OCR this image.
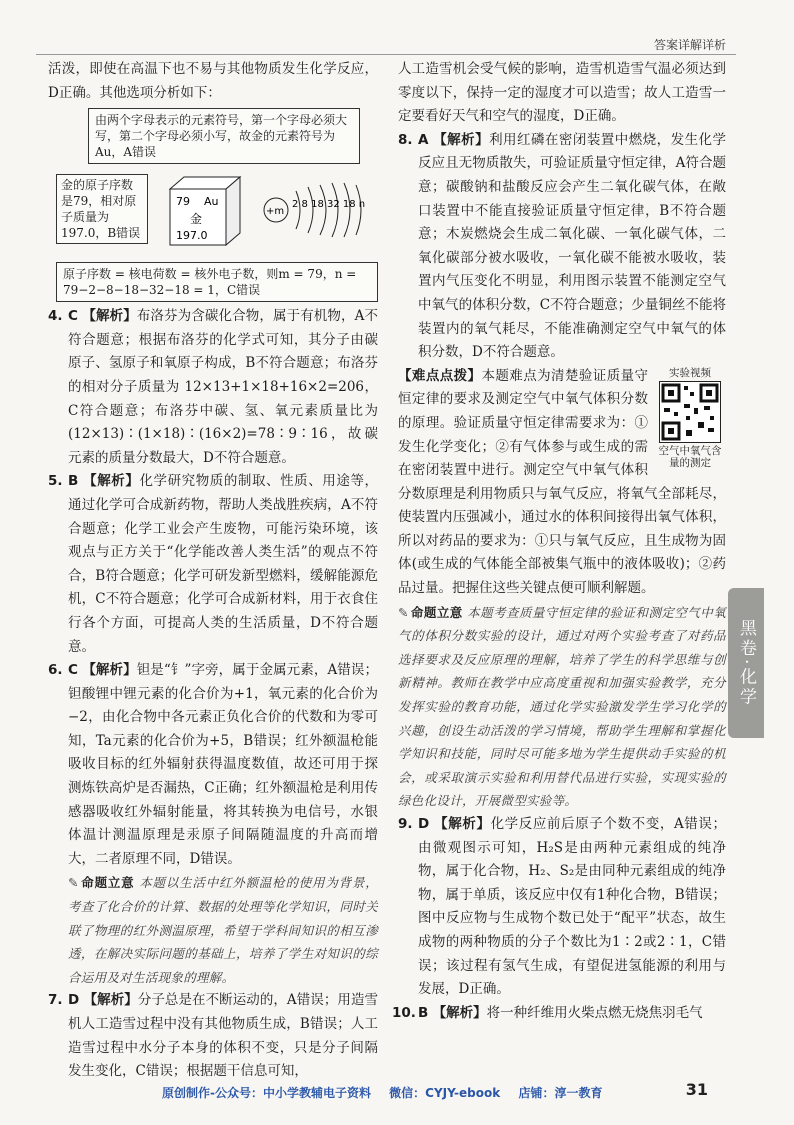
答案详解详析

活泼，即使在高温下也不易与其他物质发生化学反应，D正确。其他选项分析如下：

由两个字母表示的元素符号，第一个字母必须大写，第二个字母必须小写，故金的元素符号为Au，A错误
金的原子序数是79，相对原子质量为197.0，B错误
79 Au
金
197.0
+m
2 8 18 32 18 n
原子序数 = 核电荷数 = 核外电子数，则m = 79，n = 79−2−8−18−32−18 = 1，C错误

4. C 【解析】布洛芬为含碳化合物，属于有机物，A不符合题意；根据布洛芬的化学式可知，其分子由碳原子、氢原子和氧原子构成，B不符合题意；布洛芬的相对分子质量为 12×13+1×18+16×2=206，C符合题意；布洛芬中碳、氢、氧元素质量比为(12×13)∶(1×18)∶(16×2)=78∶9∶16，故碳元素的质量分数最大，D不符合题意。

5. B 【解析】化学研究物质的制取、性质、用途等，通过化学可合成新药物，帮助人类战胜疾病，A不符合题意；化学工业会产生废物，可能污染环境，该观点与正方关于“化学能改善人类生活”的观点不符合，B符合题意；化学可研发新型燃料，缓解能源危机，C不符合题意；化学可合成新材料，用于衣食住行各个方面，可提高人类的生活质量，D不符合题意。

6. C 【解析】钽是“钅”字旁，属于金属元素，A错误；钽酸锂中锂元素的化合价为+1，氧元素的化合价为−2，由化合物中各元素正负化合价的代数和为零可知，Ta元素的化合价为+5，B错误；红外额温枪能吸收目标的红外辐射获得温度数值，故还可用于探测炼铁高炉是否漏热，C正确；红外额温枪是利用传感器吸收红外辐射能量，将其转换为电信号，水银体温计测温原理是汞原子间隔随温度的升高而增大，二者原理不同，D错误。

✎ 命题立意 本题以生活中红外额温枪的使用为背景，考查了化合价的计算、数据的处理等化学知识，同时关联了物理的红外测温原理，希望于学科间知识的相互渗透，在解决实际问题的基础上，培养了学生对知识的综合运用及对生活现象的理解。

7. D 【解析】分子总是在不断运动的，A错误；用造雪机人工造雪过程中没有其他物质生成，B错误；人工造雪过程中水分子本身的体积不变，只是分子间隔发生变化，C错误；根据题干信息可知，

人工造雪机会受气候的影响，造雪机造雪气温必须达到零度以下，保持一定的湿度才可以造雪；故人工造雪一定要看好天气和空气的湿度，D正确。

8. A 【解析】利用红磷在密闭装置中燃烧，发生化学反应且无物质散失，可验证质量守恒定律，A符合题意；碳酸钠和盐酸反应会产生二氧化碳气体，在敞口装置中不能直接验证质量守恒定律，B不符合题意；木炭燃烧会生成二氧化碳、一氧化碳气体，二氧化碳部分被水吸收，一氧化碳不能被水吸收，装置内气压变化不明显，利用图示装置不能测定空气中氧气的体积分数，C不符合题意；少量铜丝不能将装置内的氧气耗尽，不能准确测定空气中氧气的体积分数，D不符合题意。

实验视频
空气中氧气含量的测定

【难点点拨】本题难点为清楚验证质量守恒定律的要求及测定空气中氧气体积分数的原理。验证质量守恒定律需要求为：①发生化学变化；②有气体参与或生成的需在密闭装置中进行。测定空气中氧气体积分数原理是利用物质只与氧气反应，将氧气全部耗尽，使装置内压强减小，通过水的体积间接得出氧气体积，所以对药品的要求为：①只与氧气反应，且生成物为固体(或生成的气体能全部被集气瓶中的液体吸收)；②药品过量。把握住这些关键点便可顺利解题。

✎ 命题立意 本题考查质量守恒定律的验证和测定空气中氧气的体积分数实验的设计，通过对两个实验考查了对药品选择要求及反应原理的理解，培养了学生的科学思维与创新精神。教师在教学中应高度重视和加强实验教学，充分发挥实验的教育功能，通过化学实验激发学生学习化学的兴趣，创设生动活泼的学习情境，帮助学生理解和掌握化学知识和技能，同时尽可能多地为学生提供动手实验的机会，或采取演示实验和利用替代品进行实验，实现实验的绿色化设计，开展微型实验等。

9. D 【解析】化学反应前后原子个数不变，A错误；由微观图示可知，H₂S是由两种元素组成的纯净物，属于化合物，H₂、S₂是由同种元素组成的纯净物，属于单质，该反应中仅有1种化合物，B错误；图中反应物与生成物个数已处于“配平”状态，故生成物的两种物质的分子个数比为1∶2或2∶1，C错误；该过程有氢气生成，有望促进氢能源的利用与发展，D正确。

10. B 【解析】将一种纤维用火柴点燃无烧焦羽毛气

黑卷·化学
原创制作-公众号：中小学教辅电子资料 微信：CYJY-ebook 店铺：淳一教育	31
